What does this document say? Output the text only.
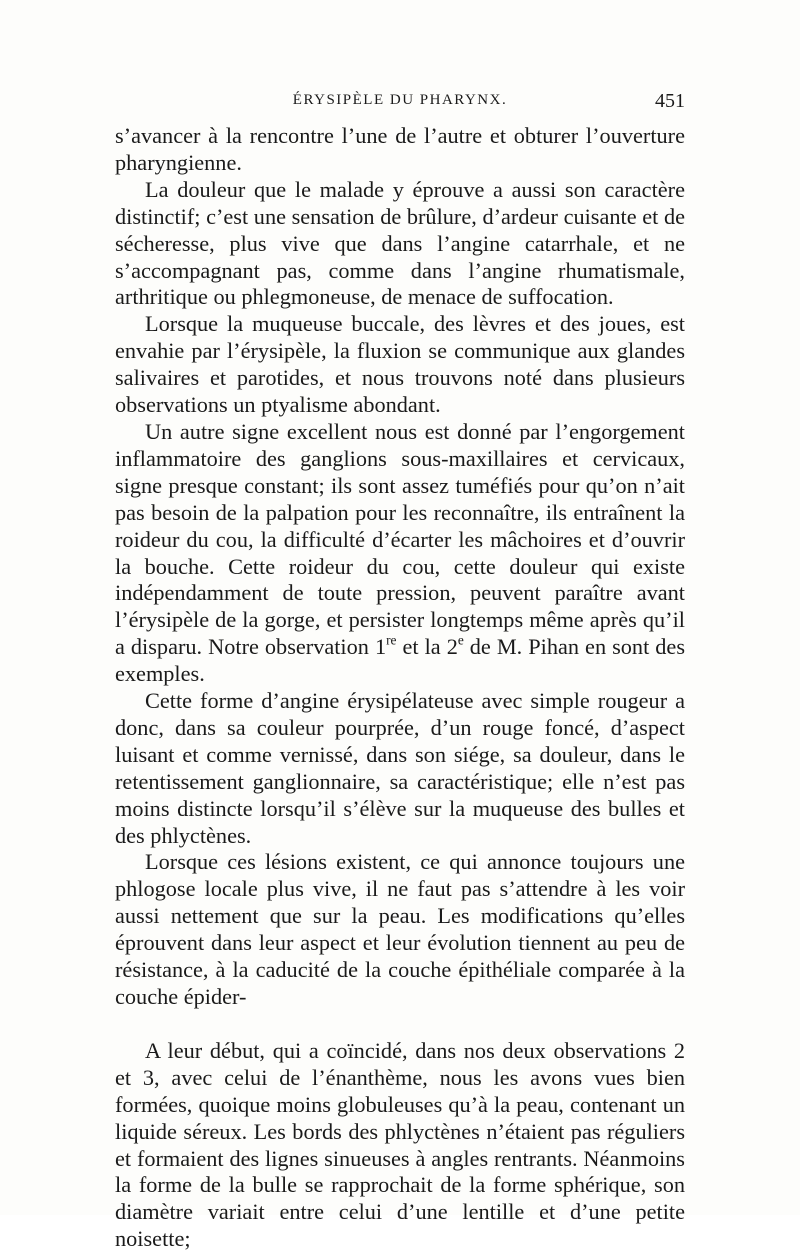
ÉRYSIPÈLE DU PHARYNX.	451

s’avancer à la rencontre l’une de l’autre et obturer l’ouverture pharyngienne.

La douleur que le malade y éprouve a aussi son caractère distinctif; c’est une sensation de brûlure, d’ardeur cuisante et de sécheresse, plus vive que dans l’angine catarrhale, et ne s’accompagnant pas, comme dans l’angine rhumatismale, arthritique ou phlegmoneuse, de menace de suffocation.

Lorsque la muqueuse buccale, des lèvres et des joues, est envahie par l’érysipèle, la fluxion se communique aux glandes salivaires et parotides, et nous trouvons noté dans plusieurs observations un ptyalisme abondant.

Un autre signe excellent nous est donné par l’engorgement inflammatoire des ganglions sous-maxillaires et cervicaux, signe presque constant; ils sont assez tuméfiés pour qu’on n’ait pas besoin de la palpation pour les reconnaître, ils entraînent la roideur du cou, la difficulté d’écarter les mâchoires et d’ouvrir la bouche. Cette roideur du cou, cette douleur qui existe indépendamment de toute pression, peuvent paraître avant l’érysipèle de la gorge, et persister longtemps même après qu’il a disparu. Notre observation 1re et la 2e de M. Pihan en sont des exemples.

Cette forme d’angine érysipélateuse avec simple rougeur a donc, dans sa couleur pourprée, d’un rouge foncé, d’aspect luisant et comme vernissé, dans son siége, sa douleur, dans le retentissement ganglionnaire, sa caractéristique; elle n’est pas moins distincte lorsqu’il s’élève sur la muqueuse des bulles et des phlyctènes.

Lorsque ces lésions existent, ce qui annonce toujours une phlogose locale plus vive, il ne faut pas s’attendre à les voir aussi nettement que sur la peau. Les modifications qu’elles éprouvent dans leur aspect et leur évolution tiennent au peu de résistance, à la caducité de la couche épithéliale comparée à la couche épider-

A leur début, qui a coïncidé, dans nos deux observations 2 et 3, avec celui de l’énanthème, nous les avons vues bien formées, quoique moins globuleuses qu’à la peau, contenant un liquide séreux. Les bords des phlyctènes n’étaient pas réguliers et formaient des lignes sinueuses à angles rentrants. Néanmoins la forme de la bulle se rapprochait de la forme sphérique, son diamètre variait entre celui d’une lentille et d’une petite noisette;
